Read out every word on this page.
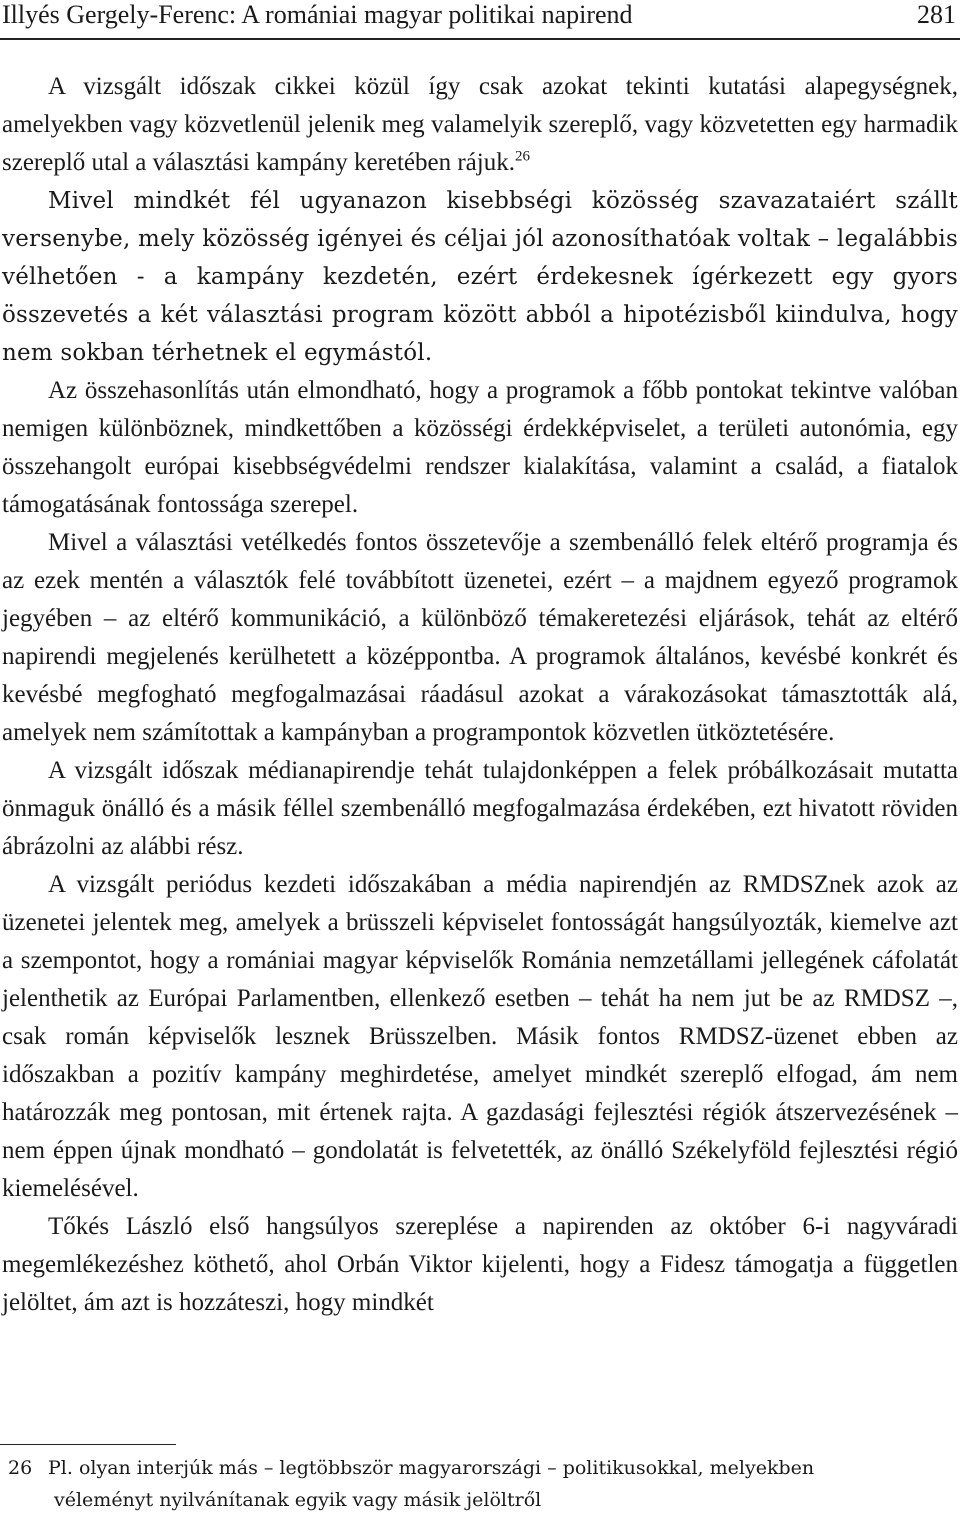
Illyés Gergely-Ferenc: A romániai magyar politikai napirend	281

A vizsgált időszak cikkei közül így csak azokat tekinti kutatási alapegységnek, amelyekben vagy közvetlenül jelenik meg valamelyik szereplő, vagy közvetetten egy harmadik szereplő utal a választási kampány keretében rájuk.$^{26}$

Mivel mindkét fél ugyanazon kisebbségi közösség szavazataiért szállt versenybe, mely közösség igényei és céljai jól azonosíthatóak voltak – legalábbis vélhetően - a kampány kezdetén, ezért érdekesnek ígérkezett egy gyors összevetés a két választási program között abból a hipotézisből kiindulva, hogy nem sokban térhetnek el egymástól.

Az összehasonlítás után elmondható, hogy a programok a főbb pontokat tekintve valóban nemigen különböznek, mindkettőben a közösségi érdekképviselet, a területi autonómia, egy összehangolt európai kisebbségvédelmi rendszer kialakítása, valamint a család, a fiatalok támogatásának fontossága szerepel.

Mivel a választási vetélkedés fontos összetevője a szembenálló felek eltérő programja és az ezek mentén a választók felé továbbított üzenetei, ezért – a majdnem egyező programok jegyében – az eltérő kommunikáció, a különböző témakeretezési eljárások, tehát az eltérő napirendi megjelenés kerülhetett a középpontba. A programok általános, kevésbé konkrét és kevésbé megfogható megfogalmazásai ráadásul azokat a várakozásokat támasztották alá, amelyek nem számítottak a kampányban a programpontok közvetlen ütköztetésére.

A vizsgált időszak médianapirendje tehát tulajdonképpen a felek próbálkozásait mutatta önmaguk önálló és a másik féllel szembenálló megfogalmazása érdekében, ezt hivatott röviden ábrázolni az alábbi rész.

A vizsgált periódus kezdeti időszakában a média napirendjén az RMDSZnek azok az üzenetei jelentek meg, amelyek a brüsszeli képviselet fontosságát hangsúlyozták, kiemelve azt a szempontot, hogy a romániai magyar képviselők Románia nemzetállami jellegének cáfolatát jelenthetik az Európai Parlamentben, ellenkező esetben – tehát ha nem jut be az RMDSZ –, csak román képviselők lesznek Brüsszelben. Másik fontos RMDSZ-üzenet ebben az időszakban a pozitív kampány meghirdetése, amelyet mindkét szereplő elfogad, ám nem határozzák meg pontosan, mit értenek rajta. A gazdasági fejlesztési régiók átszervezésének – nem éppen újnak mondható – gondolatát is felvetették, az önálló Székelyföld fejlesztési régió kiemelésével.

Tőkés László első hangsúlyos szereplése a napirenden az október 6-i nagyváradi megemlékezéshez köthető, ahol Orbán Viktor kijelenti, hogy a Fidesz támogatja a független jelöltet, ám azt is hozzáteszi, hogy mindkét

26 Pl. olyan interjúk más – legtöbbször magyarországi – politikusokkal, melyekben
véleményt nyilvánítanak egyik vagy másik jelöltről
